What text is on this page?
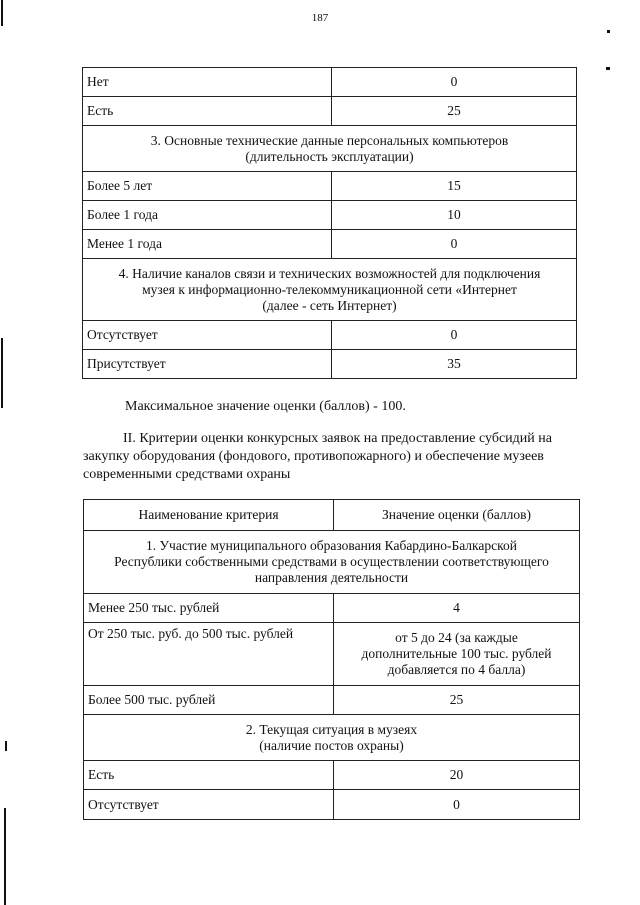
187
Нет	0
Есть	25

3. Основные технические данные персональных компьютеров
(длительность эксплуатации)	

Более 5 лет	15
Более 1 года	10
Менее 1 года	0

4. Наличие каналов связи и технических возможностей для подключения
музея к информационно-телекоммуникационной сети «Интернет
(далее - сеть Интернет)	

Отсутствует	0
Присутствует	35
Максимальное значение оценки (баллов) - 100.
II. Критерии оценки конкурсных заявок на предоставление субсидий на закупку оборудования (фондового, противопожарного) и обеспечение музеев современными средствами охраны
Наименование критерия	Значение оценки (баллов)

1. Участие муниципального образования Кабардино-Балкарской
Республики собственными средствами в осуществлении соответствующего
направления деятельности	

Менее 250 тыс. рублей	4
От 250 тыс. руб. до 500 тыс. рублей	от 5 до 24 (за каждые
дополнительные 100 тыс. рублей
добавляется по 4 балла)

Более 500 тыс. рублей	25

2. Текущая ситуация в музеях
(наличие постов охраны)	

Есть	20
Отсутствует	0
